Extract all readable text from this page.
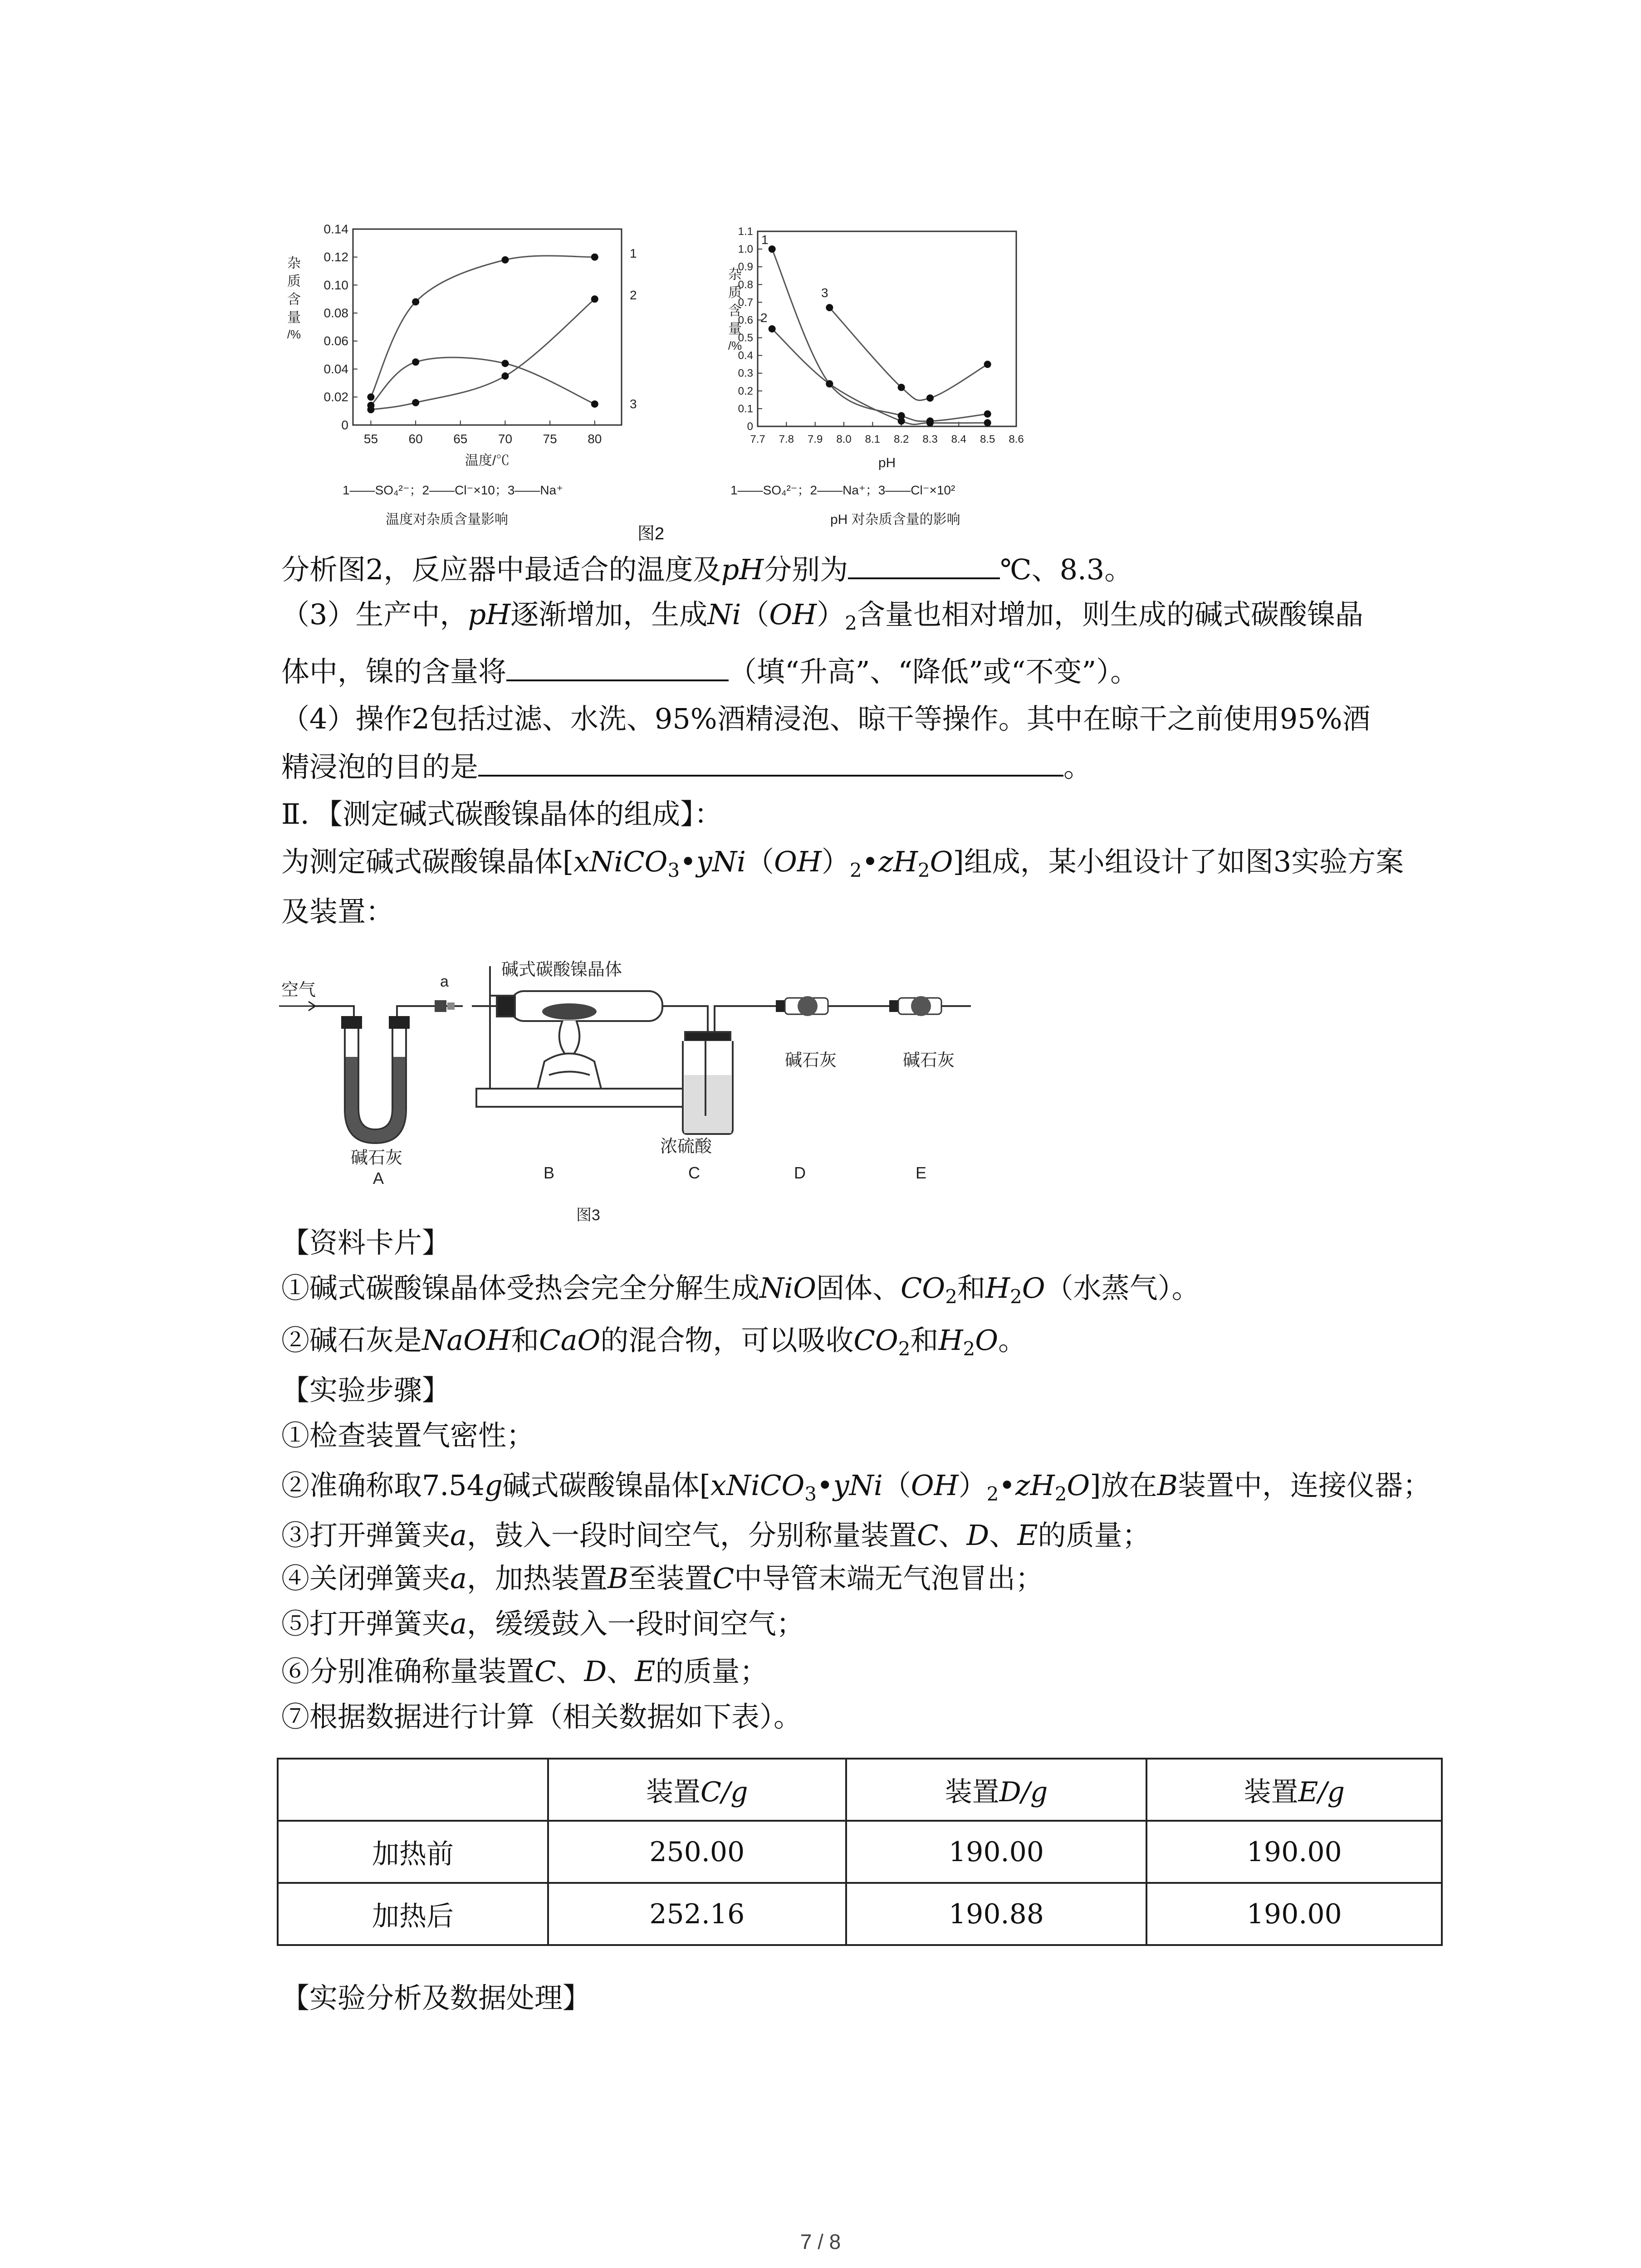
杂
质
含
量
/%
0.14
0.12
0.10
0.08
0.06
0.04
0.02
0
55 60 65 70 75 80
1
2
3
温度/℃
1——SO₄²⁻；2——Cl⁻×10；3——Na⁺
温度对杂质含量影响
杂
质
含
量
/%
1.1
1.0
0.9
0.8
0.7
0.6
0.5
0.4
0.3
0.2
0.1
0
7.7 7.8 7.9 8.0 8.1 8.2 8.3 8.4 8.5 8.6
1
2
3
pH
1——SO₄²⁻；2——Na⁺；3——Cl⁻×10²
pH 对杂质含量的影响
图2
分析图2，反应器中最适合的温度及pH分别为	℃、8.3。
（3）生产中，pH逐渐增加，生成$Ni(OH)_2$含量也相对增加，则生成的碱式碳酸镍晶
体中，镍的含量将	（填“升高”、“降低”或“不变”）。
（4）操作2包括过滤、水洗、95%酒精浸泡、晾干等操作。其中在晾干之前使用95%酒
精浸泡的目的是	。
Ⅱ．【测定碱式碳酸镍晶体的组成】：
为测定碱式碳酸镍晶体$[xNiCO_3•yNi(OH)_2•zH_2O]$组成，某小组设计了如图3实验方案
及装置：
空气	a
碱式碳酸镍晶体
浓硫酸
碱石灰
碱石灰	碱石灰
A	B	C	D	E
图3
【资料卡片】
①碱式碳酸镍晶体受热会完全分解生成NiO固体、$CO_2$和$H_2O$（水蒸气）。
②碱石灰是NaOH和CaO的混合物，可以吸收$CO_2$和$H_2O$。
【实验步骤】
①检查装置气密性；
②准确称取7.54g碱式碳酸镍晶体$[xNiCO_3•yNi(OH)_2•zH_2O]$放在B装置中，连接仪器；
③打开弹簧夹a，鼓入一段时间空气，分别称量装置C、D、E的质量；
④关闭弹簧夹a，加热装置B至装置C中导管末端无气泡冒出；
⑤打开弹簧夹a，缓缓鼓入一段时间空气；
⑥分别准确称量装置C、D、E的质量；
⑦根据数据进行计算（相关数据如下表）。
	装置C/g	装置D/g	装置E/g
加热前	250.00	190.00	190.00
加热后	252.16	190.88	190.00
【实验分析及数据处理】
7 / 8
